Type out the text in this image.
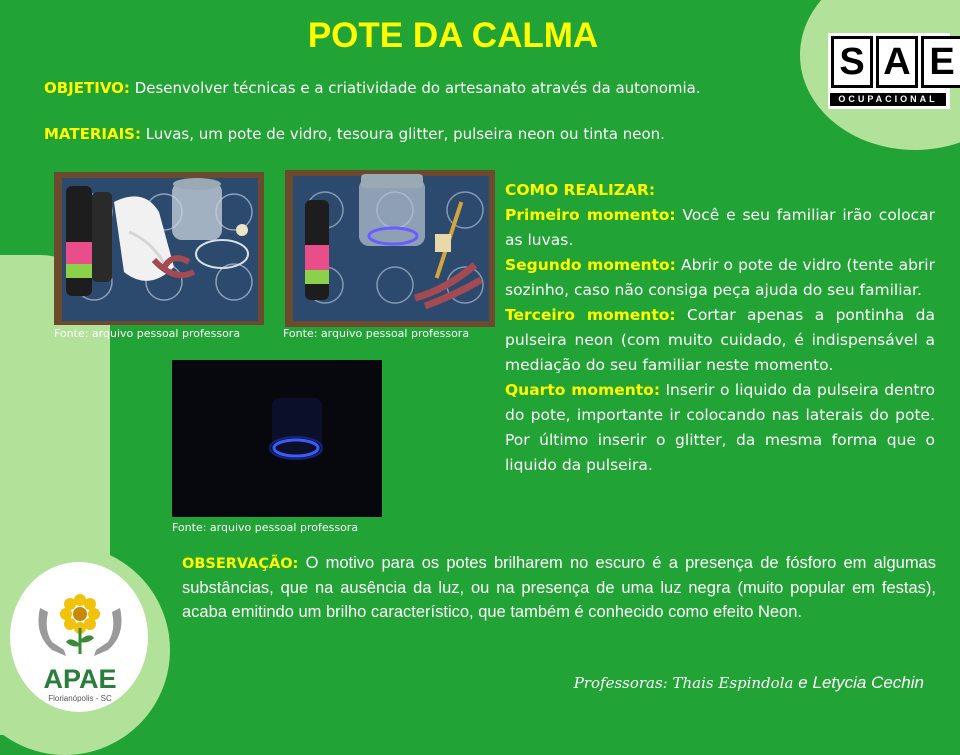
POTE DA CALMA
OBJETIVO: Desenvolver técnicas e a criatividade do artesanato através da autonomia.
MATERIAIS: Luvas, um pote de vidro, tesoura glitter, pulseira neon ou tinta neon.
Fonte: arquivo pessoal professora	Fonte: arquivo pessoal professora
Fonte: arquivo pessoal professora

COMO REALIZAR:

Primeiro momento: Você e seu familiar irão colocar as luvas.

Segundo momento: Abrir o pote de vidro (tente abrir sozinho, caso não consiga peça ajuda do seu familiar.

Terceiro momento: Cortar apenas a pontinha da pulseira neon (com muito cuidado, é indispensável a mediação do seu familiar neste momento.

Quarto momento: Inserir o liquido da pulseira dentro do pote, importante ir colocando nas laterais do pote. Por último inserir o glitter, da mesma forma que o liquido da pulseira.

OBSERVAÇÃO: O motivo para os potes brilharem no escuro é a presença de fósforo em algumas substâncias, que na ausência da luz, ou na presença de uma luz negra (muito popular em festas), acaba emitindo um brilho característico, que também é conhecido como efeito Neon.
Professoras: Thais Espindola e Letycia Cechin
S A E
OCUPACIONAL
APAE
Florianópolis - SC
